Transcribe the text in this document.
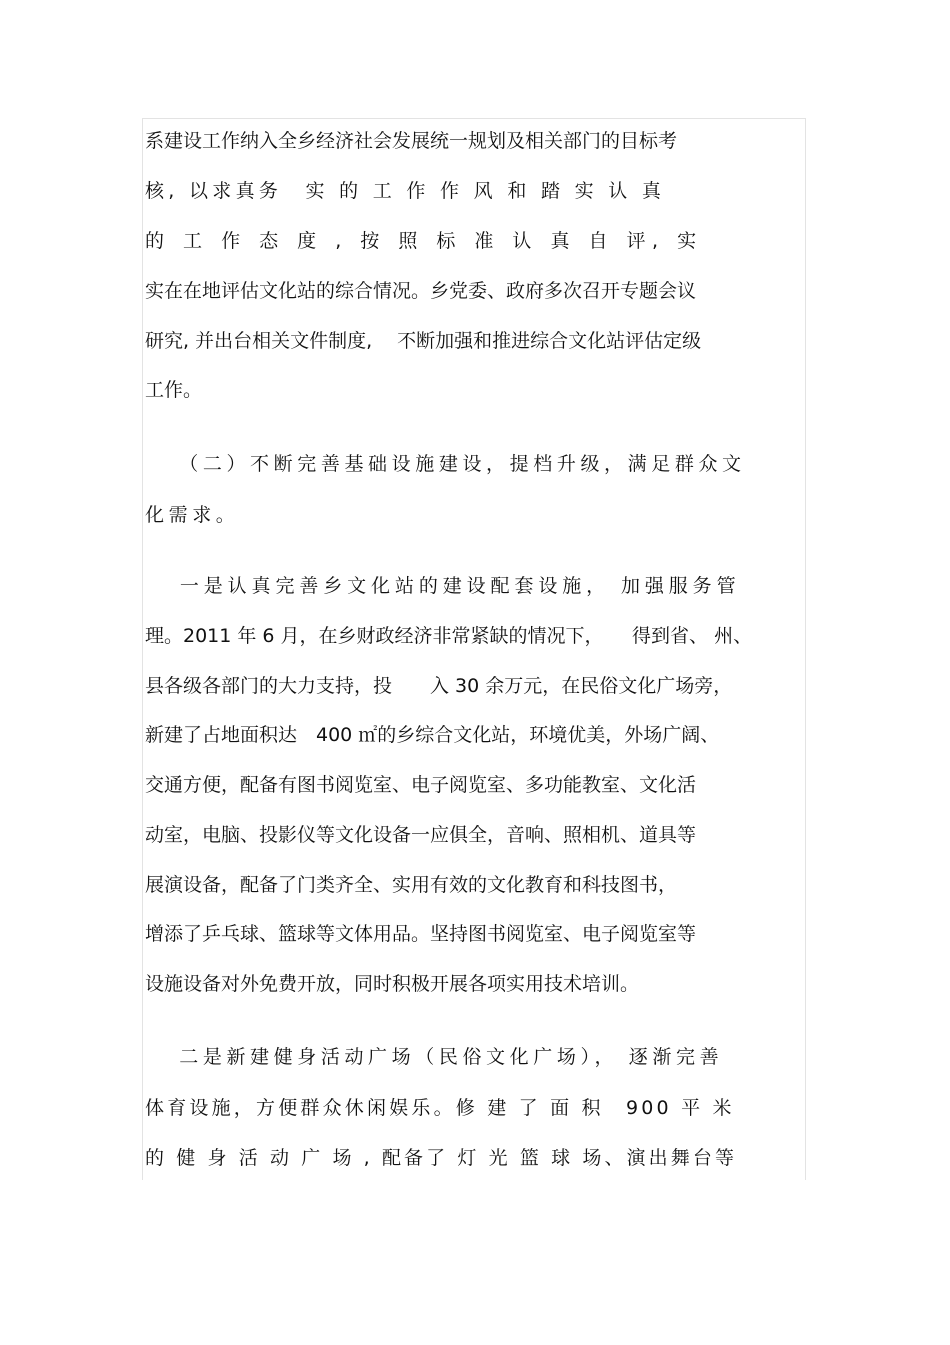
系建设工作纳入全乡经济社会发展统一规划及相关部门的目标考
核, 以求真务　实 的 工 作 作 风 和 踏 实 认 真
的 工 作 态 度 , 按 照 标 准 认 真 自 评, 实
实在在地评估文化站的综合情况。乡党委、政府多次召开专题会议
研究, 并出台相关文件制度,　 不断加强和推进综合文化站评估定级
工作。
　 （二）不断完善基础设施建设，提档升级，满足群众文
化需求。
　 一是认真完善乡文化站的建设配套设施， 加强服务管
理。2011 年 6 月，在乡财政经济非常紧缺的情况下，　　得到省、 州、
县各级各部门的大力支持，投　　入 30 余万元，在民俗文化广场旁，
新建了占地面积达　400 ㎡的乡综合文化站，环境优美，外场广阔、
交通方便，配备有图书阅览室、电子阅览室、多功能教室、文化活
动室，电脑、投影仪等文化设备一应俱全，音响、照相机、道具等
展演设备，配备了门类齐全、实用有效的文化教育和科技图书，
增添了乒乓球、篮球等文体用品。坚持图书阅览室、电子阅览室等
设施设备对外免费开放，同时积极开展各项实用技术培训。
　 二是新建健身活动广场（民俗文化广场）， 逐渐完善
体育设施，方便群众休闲娱乐。修 建 了 面 积　900 平 米
的 健 身 活 动 广 场 , 配备了 灯 光 篮 球 场、演出舞台等
